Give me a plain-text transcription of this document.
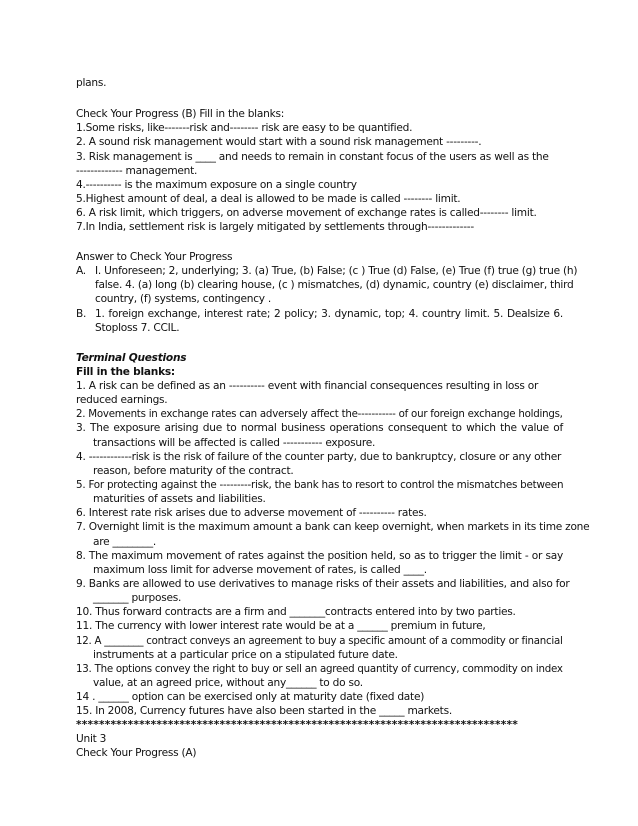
plans.
Check Your Progress (B) Fill in the blanks:
1.Some risks, like-------risk and-------- risk are easy to be quantified.
2. A sound risk management would start with a sound risk management ---------.
3. Risk management is ____ and needs to remain in constant focus of the users as well as the
------------- management.
4.---------- is the maximum exposure on a single country
5.Highest amount of deal, a deal is allowed to be made is called -------- limit.
6. A risk limit, which triggers, on adverse movement of exchange rates is called-------- limit.
7.In India, settlement risk is largely mitigated by settlements through-------------
Answer to Check Your Progress
A. I. Unforeseen; 2, underlying; 3. (a) True, (b) False; (c ) True (d) False, (e) True (f) true (g) true (h)
false. 4. (a) long (b) clearing house, (c ) mismatches, (d) dynamic, country (e) disclaimer, third
country, (f) systems, contingency .
B. 1. foreign exchange, interest rate; 2 policy; 3. dynamic, top; 4. country limit. 5. Dealsize 6.
Stoploss 7. CCIL.
Terminal Questions
Fill in the blanks:
1. A risk can be defined as an ---------- event with financial consequences resulting in loss or
reduced earnings.
2. Movements in exchange rates can adversely affect the----------- of our foreign exchange holdings,
3. The exposure arising due to normal business operations consequent to which the value of
transactions will be affected is called ----------- exposure.
4. ------------risk is the risk of failure of the counter party, due to bankruptcy, closure or any other
reason, before maturity of the contract.
5. For protecting against the ---------risk, the bank has to resort to control the mismatches between
maturities of assets and liabilities.
6. Interest rate risk arises due to adverse movement of ---------- rates.
7. Overnight limit is the maximum amount a bank can keep overnight, when markets in its time zone
are ________.
8. The maximum movement of rates against the position held, so as to trigger the limit - or say
maximum loss limit for adverse movement of rates, is called ____.
9. Banks are allowed to use derivatives to manage risks of their assets and liabilities, and also for
_______ purposes.
10. Thus forward contracts are a firm and _______contracts entered into by two parties.
11. The currency with lower interest rate would be at a ______ premium in future,
12. A ________ contract conveys an agreement to buy a specific amount of a commodity or financial
instruments at a particular price on a stipulated future date.
13. The options convey the right to buy or sell an agreed quantity of currency, commodity on index
value, at an agreed price, without any______ to do so.
14 . ______ option can be exercised only at maturity date (fixed date)
15. In 2008, Currency futures have also been started in the _____ markets.
*****************************************************************************
Unit 3
Check Your Progress (A)
